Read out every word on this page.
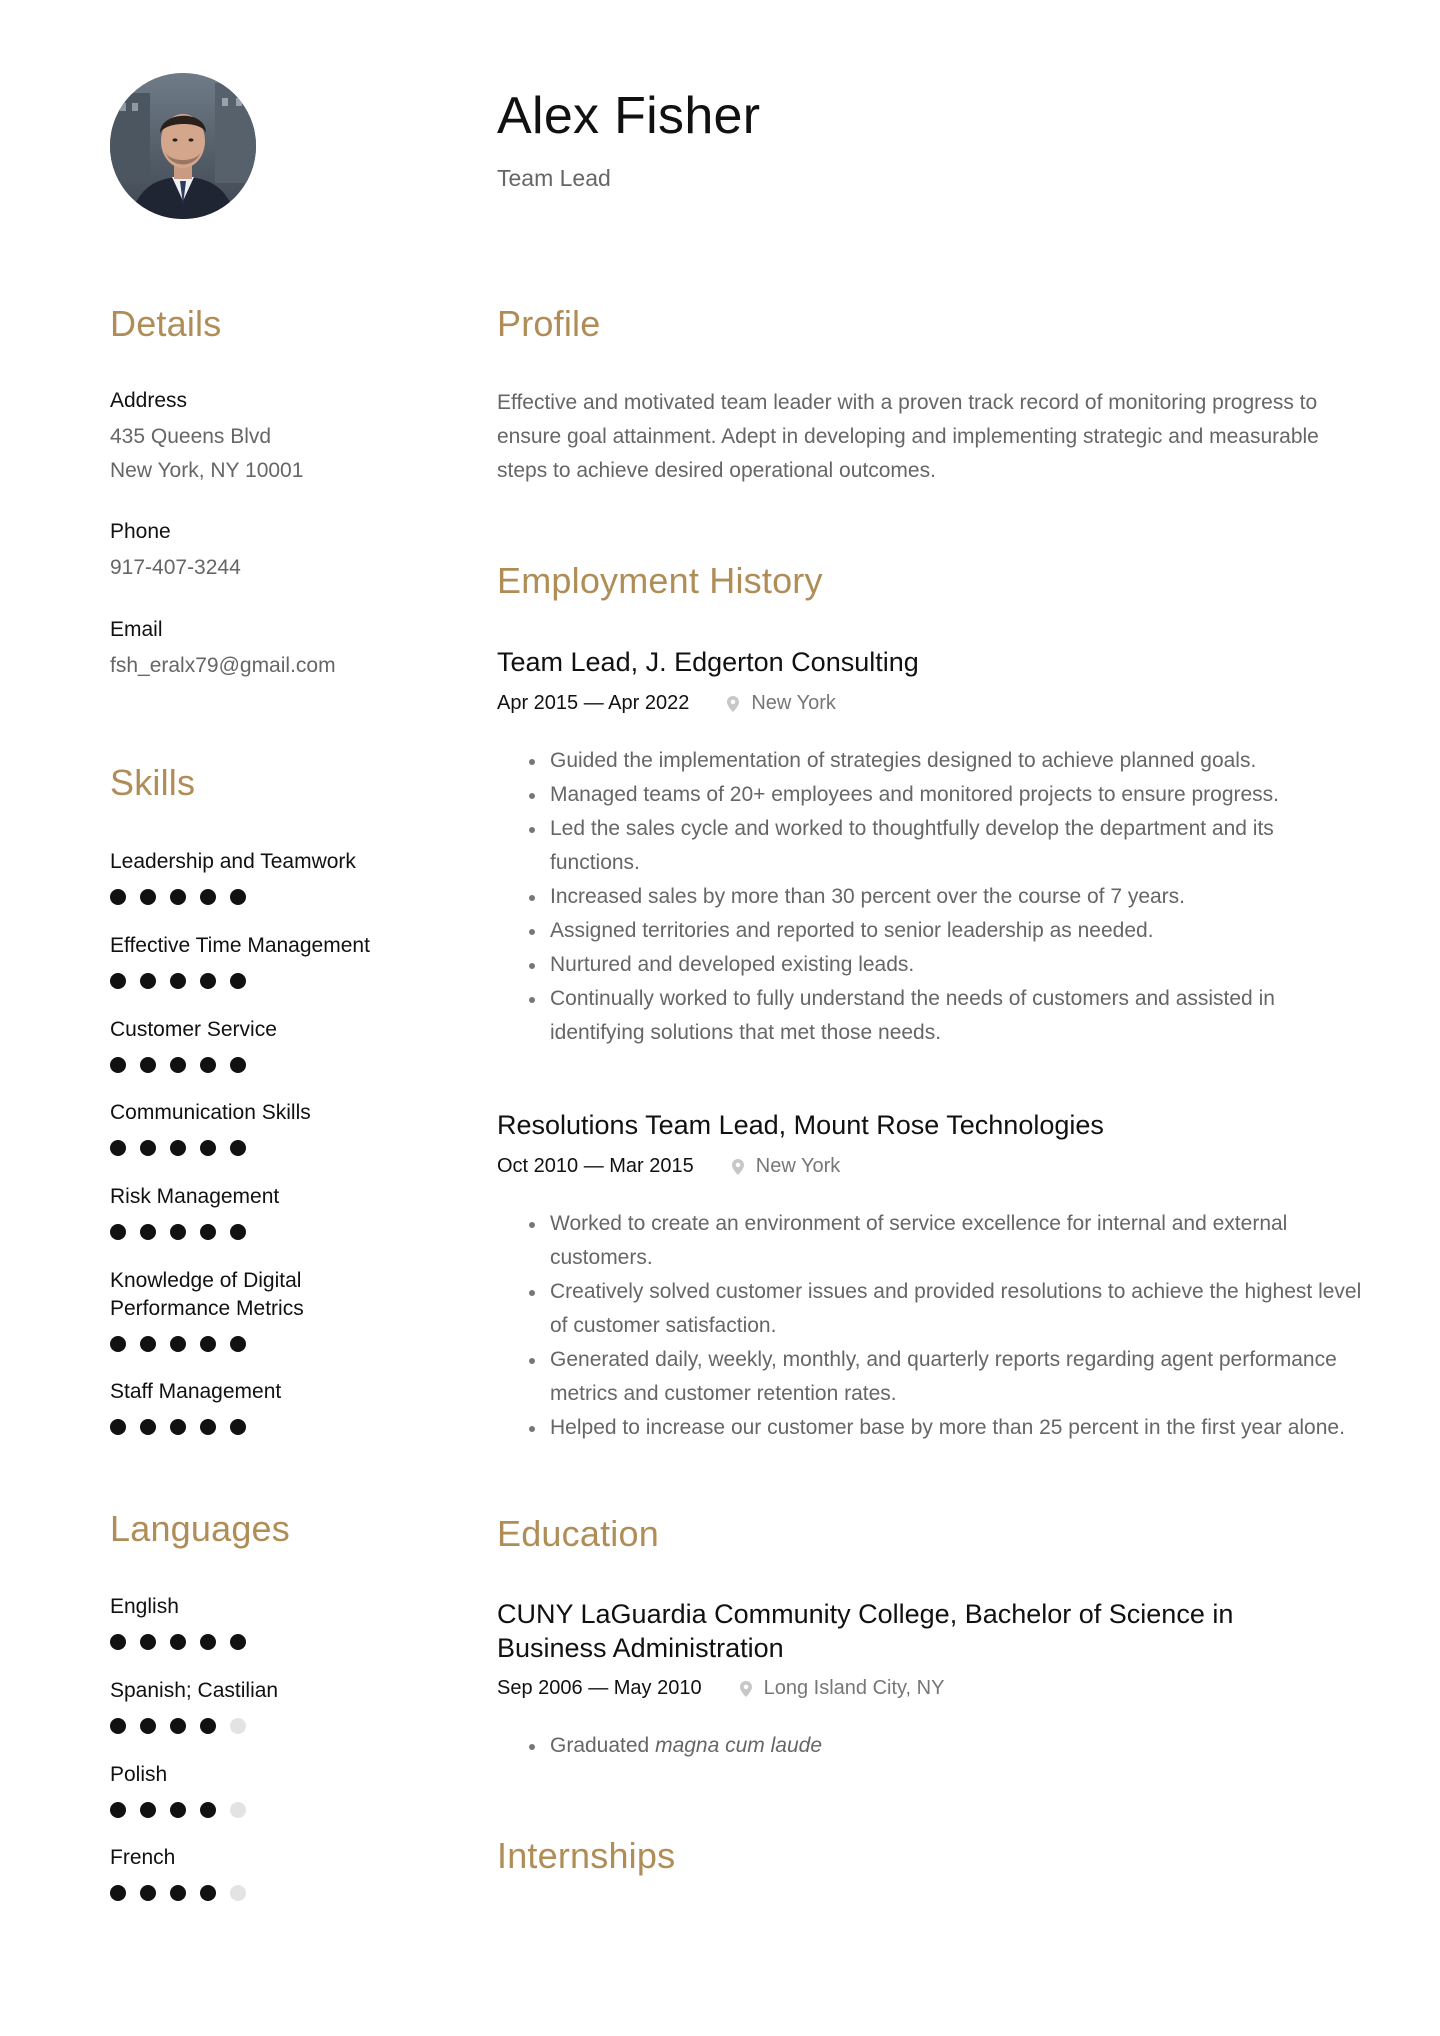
Details
Address
435 Queens Blvd
New York, NY 10001
Phone
917-407-3244
Email
fsh_eralx79@gmail.com
Skills
Leadership and Teamwork
Effective Time Management
Customer Service
Communication Skills
Risk Management
Knowledge of Digital
Performance Metrics
Staff Management
Languages
English
Spanish; Castilian
Polish
French
Alex Fisher
Team Lead
Profile
Effective and motivated team leader with a proven track record of monitoring progress to
ensure goal attainment. Adept in developing and implementing strategic and measurable
steps to achieve desired operational outcomes.
Employment History
Team Lead, J. Edgerton Consulting
Apr 2015 — Apr 2022	New York
Guided the implementation of strategies designed to achieve planned goals.
Managed teams of 20+ employees and monitored projects to ensure progress.
Led the sales cycle and worked to thoughtfully develop the department and its functions.
Increased sales by more than 30 percent over the course of 7 years.
Assigned territories and reported to senior leadership as needed.
Nurtured and developed existing leads.
Continually worked to fully understand the needs of customers and assisted in identifying solutions that met those needs.
Resolutions Team Lead, Mount Rose Technologies
Oct 2010 — Mar 2015	New York
Worked to create an environment of service excellence for internal and external customers.
Creatively solved customer issues and provided resolutions to achieve the highest level of customer satisfaction.
Generated daily, weekly, monthly, and quarterly reports regarding agent performance metrics and customer retention rates.
Helped to increase our customer base by more than 25 percent in the first year alone.
Education
CUNY LaGuardia Community College, Bachelor of Science in Business Administration
Sep 2006 — May 2010	Long Island City, NY
Graduated magna cum laude
Internships
